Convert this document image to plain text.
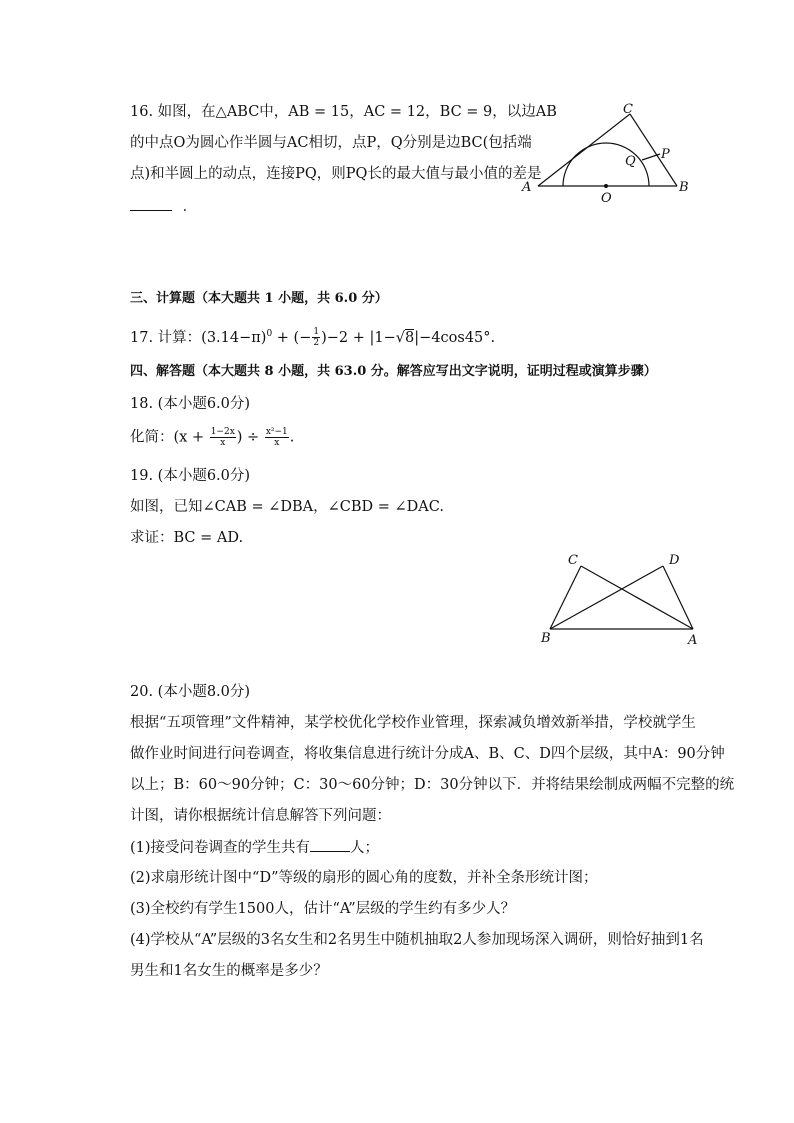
16. 如图，在△ABC中，AB = 15，AC = 12，BC = 9，以边AB
的中点O为圆心作半圆与AC相切，点P，Q分别是边BC(包括端
点)和半圆上的动点，连接PQ，则PQ长的最大值与最小值的差是
．
C
P
Q
A	B
O
三、计算题（本大题共 1 小题，共 6.0 分）
17. 计算：$(3.14-\pi)^0$ + (− $\frac{1}{2} )-2 + |1-√8|-4\cos 45^\circ$.
四、解答题（本大题共 8 小题，共 63.0 分。解答应写出文字说明，证明过程或演算步骤）
18. (本小题6.0分)
化简：($x + \frac{1-2x}{x}$ ) ÷ $\frac{\text{x²−1}}{x}$ .
19. (本小题6.0分)
如图，已知∠CAB = ∠DBA，∠CBD = ∠DAC.
求证：BC = AD.
C	D
B	A
20. (本小题8.0分)
根据“五项管理”文件精神，某学校优化学校作业管理，探索减负增效新举措，学校就学生
做作业时间进行问卷调查，将收集信息进行统计分成A、B、C、D四个层级，其中A：90分钟
以上；B：60～90分钟；C：30～60分钟；D：30分钟以下．并将结果绘制成两幅不完整的统
计图，请你根据统计信息解答下列问题：
(1)接受问卷调查的学生共有	人；
(2)求扇形统计图中“D”等级的扇形的圆心角的度数，并补全条形统计图；
(3)全校约有学生1500人，估计“A”层级的学生约有多少人？
(4)学校从“A”层级的3名女生和2名男生中随机抽取2人参加现场深入调研，则恰好抽到1名
男生和1名女生的概率是多少？
